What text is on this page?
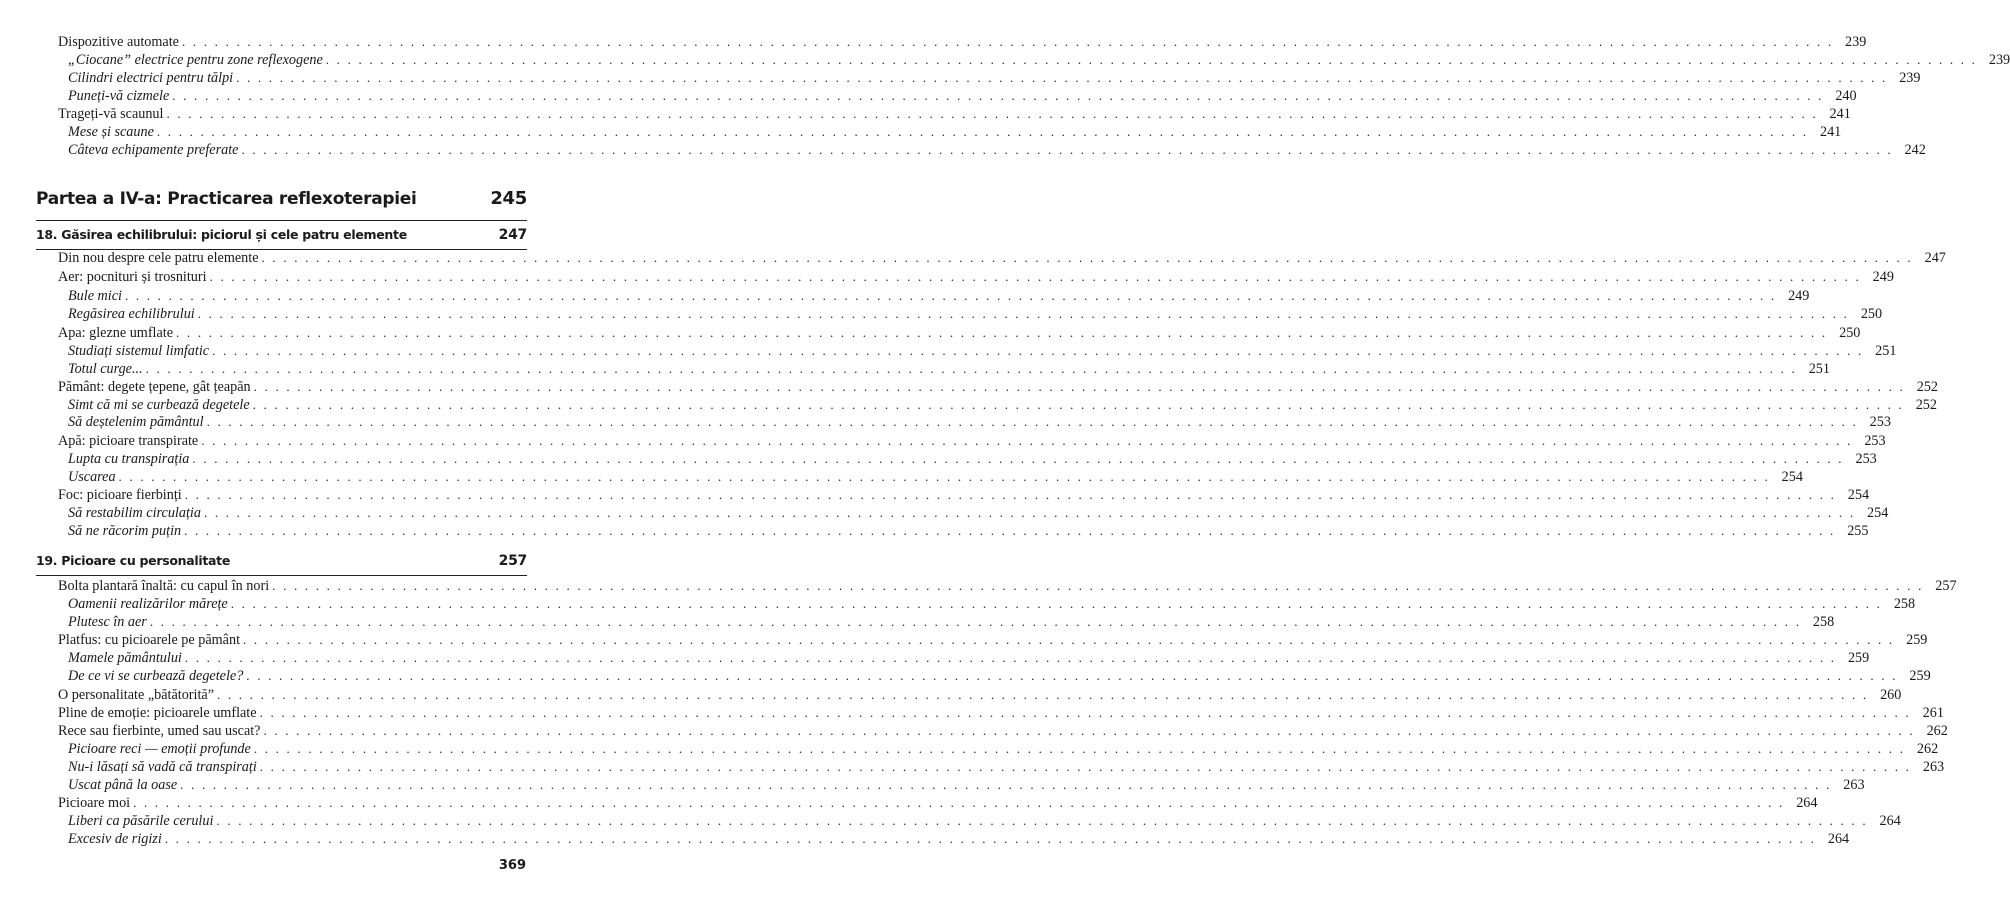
Dispozitive automate . . .	239
„Ciocane” electrice pentru zone reflexogene . . .	239
Cilindri electrici pentru tălpi . . .	239
Puneți-vă cizmele . . .	240
Trageți-vă scaunul . . .	241
Mese și scaune . . .	241
Câteva echipamente preferate . . .	242
Partea a IV-a: Practicarea reflexoterapiei	245
18. Găsirea echilibrului: piciorul și cele patru elemente	247
Din nou despre cele patru elemente . . .	247
Aer: pocnituri și trosnituri . . .	249
Bule mici . . .	249
Regăsirea echilibrului . . .	250
Apa: glezne umflate . . .	250
Studiați sistemul limfatic . . .	251
Totul curge... . . .	251
Pământ: degete țepene, gât țeapăn . . .	252
Simt că mi se curbează degetele . . .	252
Să deștelenim pământul . . .	253
Apă: picioare transpirate . . .	253
Lupta cu transpirația . . .	253
Uscarea . . .	254
Foc: picioare fierbinți . . .	254
Să restabilim circulația . . .	254
Să ne răcorim puțin . . .	255
19. Picioare cu personalitate	257
Bolta plantară înaltă: cu capul în nori . . .	257
Oamenii realizărilor mărețe . . .	258
Plutesc în aer . . .	258
Platfus: cu picioarele pe pământ . . .	259
Mamele pământului . . .	259
De ce vi se curbează degetele? . . .	259
O personalitate „bătătorită” . . .	260
Pline de emoție: picioarele umflate . . .	261
Rece sau fierbinte, umed sau uscat? . . .	262
Picioare reci — emoții profunde . . .	262
Nu-i lăsați să vadă că transpirați . . .	263
Uscat până la oase . . .	263
Picioare moi . . .	264
Liberi ca păsările cerului . . .	264
Excesiv de rigizi . . .	264
369
